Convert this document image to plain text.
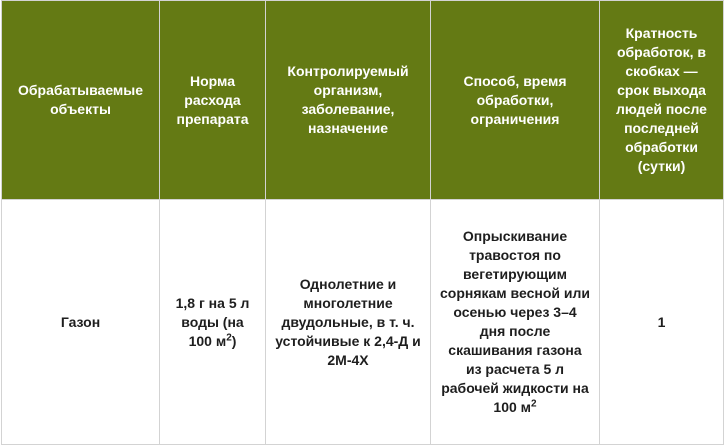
Обрабатываемые объекты	Норма расхода препарата	Контролируемый организм, заболевание, назначение	Способ, время обработки, ограничения	Кратность обработок, в скобках — срок выхода людей после последней обработки (сутки)
Газон	1,8 г на 5 л воды (на 100 $м^2$)	Однолетние и многолетние двудольные, в т. ч. устойчивые к 2,4-Д и 2М-4Х	Опрыскивание травостоя по вегетирующим сорнякам весной или осенью через 3–4 дня после скашивания газона из расчета 5 л рабочей жидкости на 100 $м^2$	1
